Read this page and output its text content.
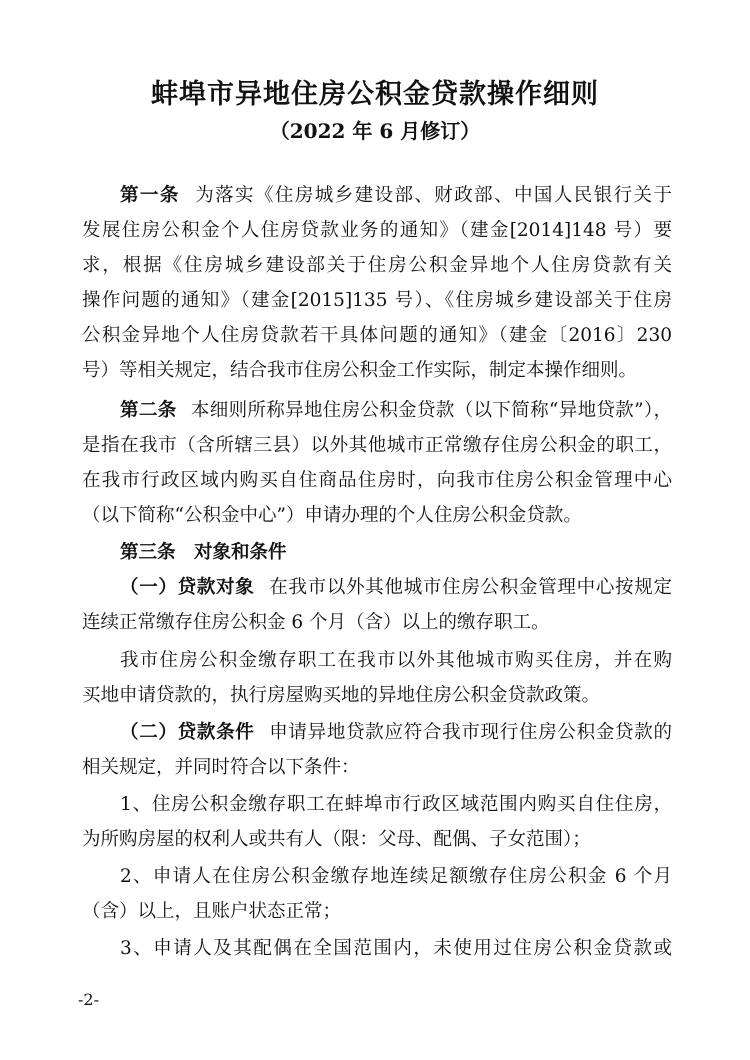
蚌埠市异地住房公积金贷款操作细则
（2022 年 6 月修订）
第一条 为落实《住房城乡建设部、财政部、中国人民银行关于
发展住房公积金个人住房贷款业务的通知》（建金[2014]148 号）要
求，根据《住房城乡建设部关于住房公积金异地个人住房贷款有关
操作问题的通知》（建金[2015]135 号）、《住房城乡建设部关于住房
公积金异地个人住房贷款若干具体问题的通知》（建金〔2016〕230
号）等相关规定，结合我市住房公积金工作实际，制定本操作细则。
第二条 本细则所称异地住房公积金贷款（以下简称“异地贷款”），
是指在我市（含所辖三县）以外其他城市正常缴存住房公积金的职工，
在我市行政区域内购买自住商品住房时，向我市住房公积金管理中心
（以下简称“公积金中心”）申请办理的个人住房公积金贷款。
第三条　对象和条件
（一）贷款对象 在我市以外其他城市住房公积金管理中心按规定
连续正常缴存住房公积金 6 个月（含）以上的缴存职工。
我市住房公积金缴存职工在我市以外其他城市购买住房，并在购
买地申请贷款的，执行房屋购买地的异地住房公积金贷款政策。
（二）贷款条件 申请异地贷款应符合我市现行住房公积金贷款的
相关规定，并同时符合以下条件：
1、住房公积金缴存职工在蚌埠市行政区域范围内购买自住住房，
为所购房屋的权利人或共有人（限：父母、配偶、子女范围）；
2、申请人在住房公积金缴存地连续足额缴存住房公积金 6 个月
（含）以上，且账户状态正常；
3、申请人及其配偶在全国范围内，未使用过住房公积金贷款或
-2-
